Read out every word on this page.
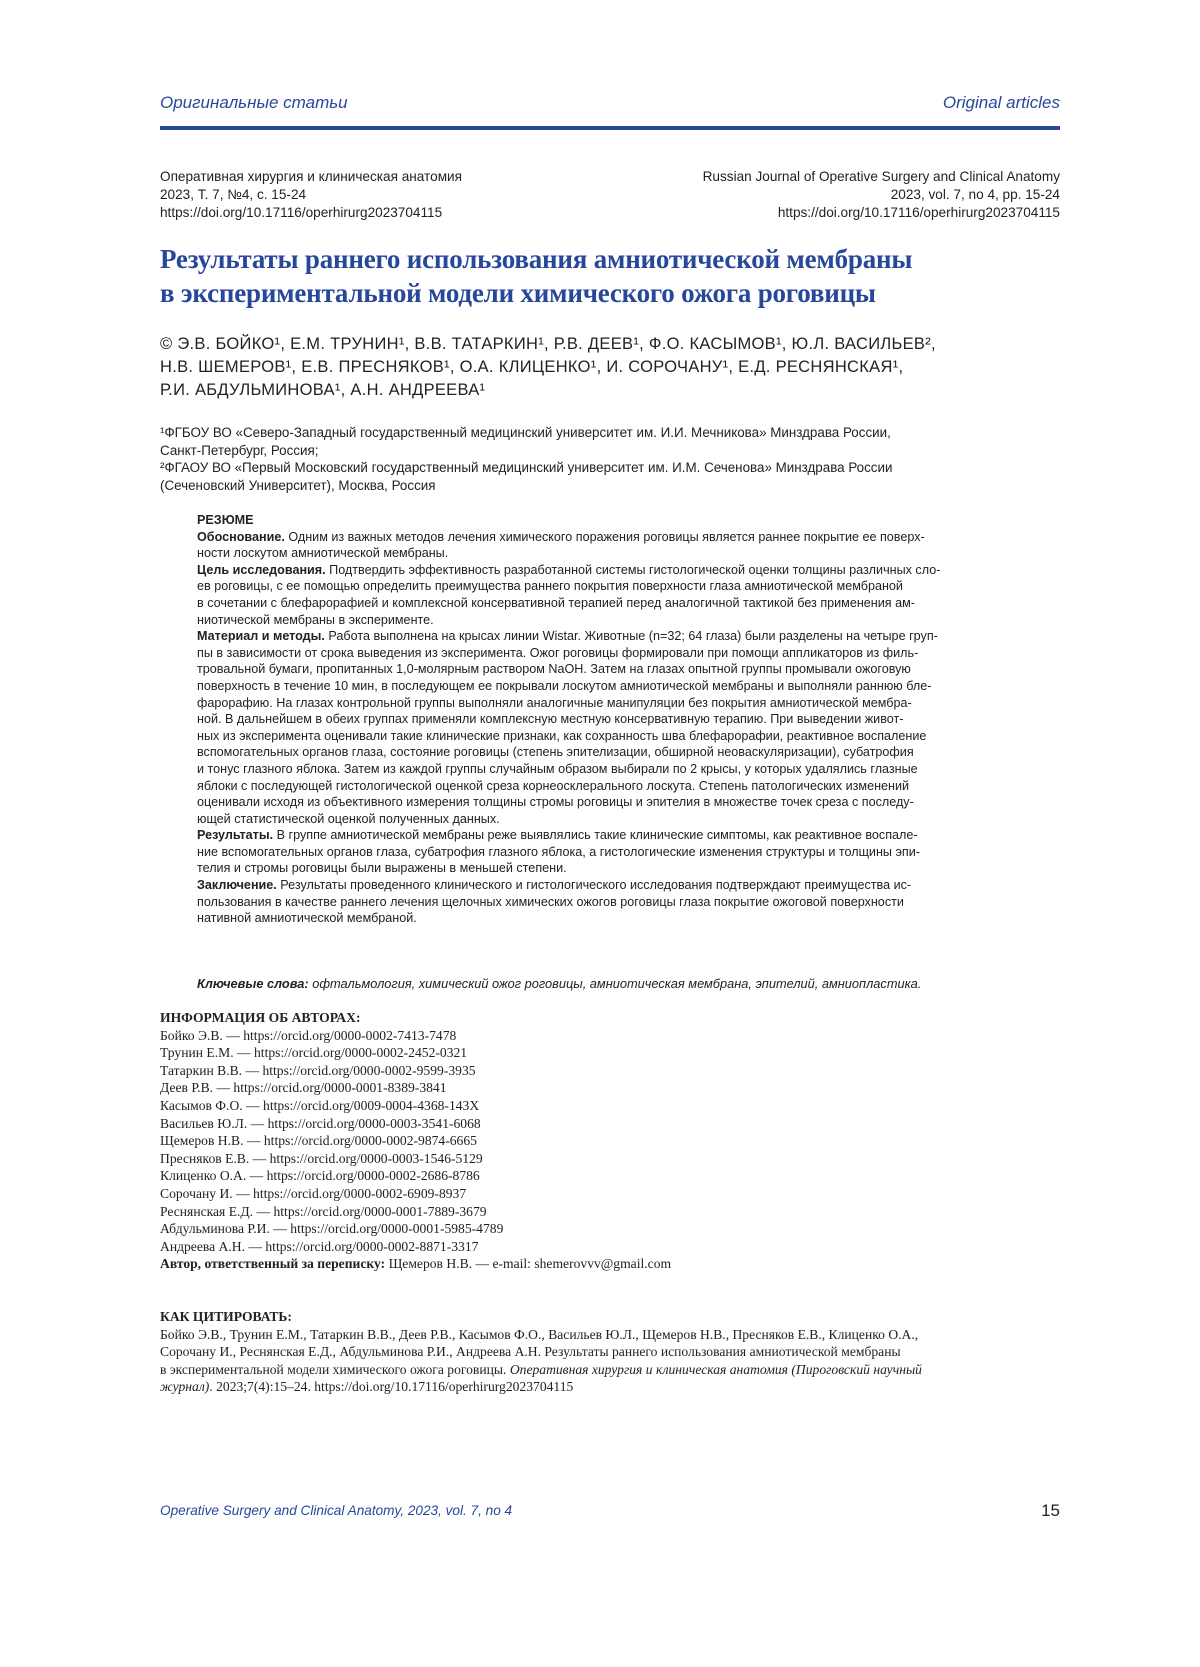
Оригинальные статьи	Original articles
Оперативная хирургия и клиническая анатомия
2023, Т. 7, №4, с. 15-24
https://doi.org/10.17116/operhirurg2023704115
Russian Journal of Operative Surgery and Clinical Anatomy
2023, vol. 7, no 4, pp. 15-24
https://doi.org/10.17116/operhirurg2023704115
Результаты раннего использования амниотической мембраны
в экспериментальной модели химического ожога роговицы
© Э.В. БОЙКО¹, Е.М. ТРУНИН¹, В.В. ТАТАРКИН¹, Р.В. ДЕЕВ¹, Ф.О. КАСЫМОВ¹, Ю.Л. ВАСИЛЬЕВ²,
Н.В. ШЕМЕРОВ¹, Е.В. ПРЕСНЯКОВ¹, О.А. КЛИЦЕНКО¹, И. СОРОЧАНУ¹, Е.Д. РЕСНЯНСКАЯ¹,
Р.И. АБДУЛЬМИНОВА¹, А.Н. АНДРЕЕВА¹
¹ФГБОУ ВО «Северо-Западный государственный медицинский университет им. И.И. Мечникова» Минздрава России,
Санкт-Петербург, Россия;
²ФГАОУ ВО «Первый Московский государственный медицинский университет им. И.М. Сеченова» Минздрава России
(Сеченовский Университет), Москва, Россия
РЕЗЮМЕ
Обоснование. Одним из важных методов лечения химического поражения роговицы является раннее покрытие ее поверх-
ности лоскутом амниотической мембраны.
Цель исследования. Подтвердить эффективность разработанной системы гистологической оценки толщины различных сло-
ев роговицы, с ее помощью определить преимущества раннего покрытия поверхности глаза амниотической мембраной
в сочетании с блефарорафией и комплексной консервативной терапией перед аналогичной тактикой без применения ам-
ниотической мембраны в эксперименте.
Материал и методы. Работа выполнена на крысах линии Wistar. Животные (n=32; 64 глаза) были разделены на четыре груп-
пы в зависимости от срока выведения из эксперимента. Ожог роговицы формировали при помощи аппликаторов из филь-
тровальной бумаги, пропитанных 1,0-молярным раствором NaOH. Затем на глазах опытной группы промывали ожоговую
поверхность в течение 10 мин, в последующем ее покрывали лоскутом амниотической мембраны и выполняли раннюю бле-
фарорафию. На глазах контрольной группы выполняли аналогичные манипуляции без покрытия амниотической мембра-
ной. В дальнейшем в обеих группах применяли комплексную местную консервативную терапию. При выведении живот-
ных из эксперимента оценивали такие клинические признаки, как сохранность шва блефарорафии, реактивное воспаление
вспомогательных органов глаза, состояние роговицы (степень эпителизации, обширной неоваскуляризации), субатрофия
и тонус глазного яблока. Затем из каждой группы случайным образом выбирали по 2 крысы, у которых удалялись глазные
яблоки с последующей гистологической оценкой среза корнеосклерального лоскута. Степень патологических изменений
оценивали исходя из объективного измерения толщины стромы роговицы и эпителия в множестве точек среза с последу-
ющей статистической оценкой полученных данных.
Результаты. В группе амниотической мембраны реже выявлялись такие клинические симптомы, как реактивное воспале-
ние вспомогательных органов глаза, субатрофия глазного яблока, а гистологические изменения структуры и толщины эпи-
телия и стромы роговицы были выражены в меньшей степени.
Заключение. Результаты проведенного клинического и гистологического исследования подтверждают преимущества ис-
пользования в качестве раннего лечения щелочных химических ожогов роговицы глаза покрытие ожоговой поверхности
нативной амниотической мембраной.
Ключевые слова: офтальмология, химический ожог роговицы, амниотическая мембрана, эпителий, амниопластика.
ИНФОРМАЦИЯ ОБ АВТОРАХ:
Бойко Э.В. — https://orcid.org/0000-0002-7413-7478
Трунин Е.М. — https://orcid.org/0000-0002-2452-0321
Татаркин В.В. — https://orcid.org/0000-0002-9599-3935
Деев Р.В. — https://orcid.org/0000-0001-8389-3841
Касымов Ф.О. — https://orcid.org/0009-0004-4368-143X
Васильев Ю.Л. — https://orcid.org/0000-0003-3541-6068
Щемеров Н.В. — https://orcid.org/0000-0002-9874-6665
Пресняков Е.В. — https://orcid.org/0000-0003-1546-5129
Клиценко О.А. — https://orcid.org/0000-0002-2686-8786
Сорочану И. — https://orcid.org/0000-0002-6909-8937
Реснянская Е.Д. — https://orcid.org/0000-0001-7889-3679
Абдульминова Р.И. — https://orcid.org/0000-0001-5985-4789
Андреева А.Н. — https://orcid.org/0000-0002-8871-3317
Автор, ответственный за переписку: Щемеров Н.В. — e-mail: shemerovvv@gmail.com
КАК ЦИТИРОВАТЬ:
Бойко Э.В., Трунин Е.М., Татаркин В.В., Деев Р.В., Касымов Ф.О., Васильев Ю.Л., Щемеров Н.В., Пресняков Е.В., Клиценко О.А.,
Сорочану И., Реснянская Е.Д., Абдульминова Р.И., Андреева А.Н. Результаты раннего использования амниотической мембраны
в экспериментальной модели химического ожога роговицы. Оперативная хирургия и клиническая анатомия (Пироговский научный
журнал). 2023;7(4):15–24. https://doi.org/10.17116/operhirurg2023704115
Operative Surgery and Clinical Anatomy, 2023, vol. 7, no 4	15
